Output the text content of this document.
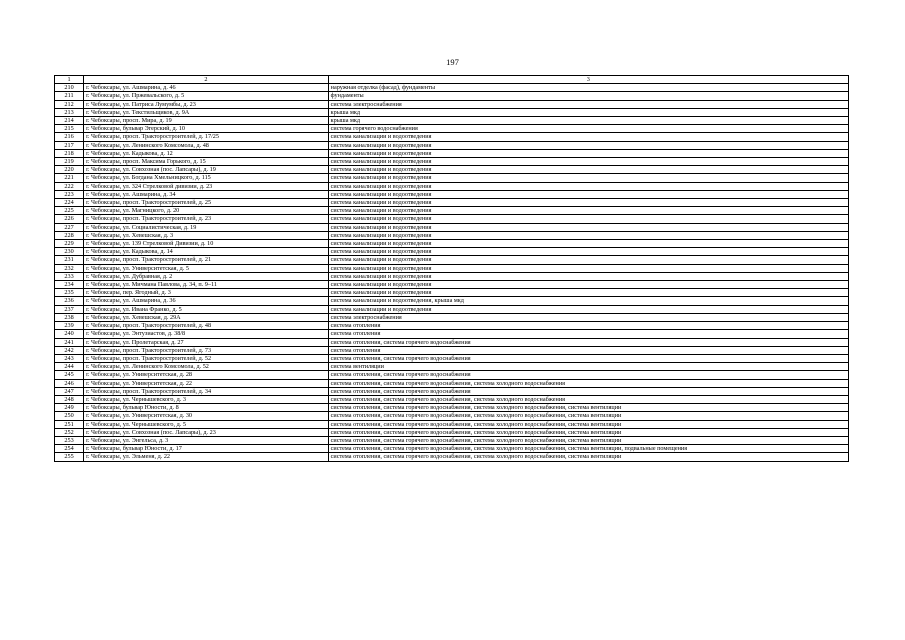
197
1	2	3
210	г. Чебоксары, ул. Ашмарина, д. 46	наружная отделка (фасад), фундаменты
211	г. Чебоксары, ул. Пржевальского, д. 5	фундаменты
212	г. Чебоксары, ул. Патриса Лумумбы, д. 23	система электроснабжения
213	г. Чебоксары, ул. Текстильщиков, д. 9А	крыша мкд
214	г. Чебоксары, просп. Мира, д. 19	крыша мкд
215	г. Чебоксары, бульвар Эгерский, д. 10	система горячего водоснабжения
216	г. Чебоксары, просп. Тракторостроителей, д. 17/25	система канализации и водоотведения
217	г. Чебоксары, ул. Ленинского Комсомола, д. 48	система канализации и водоотведения
218	г. Чебоксары, ул. Кадыкова, д. 12	система канализации и водоотведения
219	г. Чебоксары, просп. Максима Горького, д. 15	система канализации и водоотведения
220	г. Чебоксары, ул. Совхозная (пос. Лапсары), д. 19	система канализации и водоотведения
221	г. Чебоксары, ул. Богдана Хмельницкого, д. 115	система канализации и водоотведения
222	г. Чебоксары, ул. 324 Стрелковой дивизии, д. 23	система канализации и водоотведения
223	г. Чебоксары, ул. Ашмарина, д. 34	система канализации и водоотведения
224	г. Чебоксары, просп. Тракторостроителей, д. 25	система канализации и водоотведения
225	г. Чебоксары, ул. Магницкого, д. 20	система канализации и водоотведения
226	г. Чебоксары, просп. Тракторостроителей, д. 23	система канализации и водоотведения
227	г. Чебоксары, ул. Социалистическая, д. 19	система канализации и водоотведения
228	г. Чебоксары, ул. Хевешская, д. 3	система канализации и водоотведения
229	г. Чебоксары, ул. 139 Стрелковой Дивизии, д. 10	система канализации и водоотведения
230	г. Чебоксары, ул. Кадыкова, д. 14	система канализации и водоотведения
231	г. Чебоксары, просп. Тракторостроителей, д. 21	система канализации и водоотведения
232	г. Чебоксары, ул. Университетская, д. 5	система канализации и водоотведения
233	г. Чебоксары, ул. Дубравная, д. 2	система канализации и водоотведения
234	г. Чебоксары, ул. Мичмана Павлова, д. 34, п. 9–11	система канализации и водоотведения
235	г. Чебоксары, пер. Ягодный, д. 3	система канализации и водоотведения
236	г. Чебоксары, ул. Ашмарина, д. 36	система канализации и водоотведения, крыша мкд
237	г. Чебоксары, ул. Ивана Франко, д. 5	система канализации и водоотведения
238	г. Чебоксары, ул. Хевешская, д. 29А	система электроснабжения
239	г. Чебоксары, просп. Тракторостроителей, д. 48	система отопления
240	г. Чебоксары, ул. Энтузиастов, д. 38/8	система отопления
241	г. Чебоксары, ул. Пролетарская, д. 27	система отопления, система горячего водоснабжения
242	г. Чебоксары, просп. Тракторостроителей, д. 73	система отопления
243	г. Чебоксары, просп. Тракторостроителей, д. 52	система отопления, система горячего водоснабжения
244	г. Чебоксары, ул. Ленинского Комсомола, д. 52	система вентиляции
245	г. Чебоксары, ул. Университетская, д. 28	система отопления, система горячего водоснабжения
246	г. Чебоксары, ул. Университетская, д. 22	система отопления, система горячего водоснабжения, система холодного водоснабжения
247	г. Чебоксары, просп. Тракторостроителей, д. 34	система отопления, система горячего водоснабжения
248	г. Чебоксары, ул. Чернышевского, д. 3	система отопления, система горячего водоснабжения, система холодного водоснабжения
249	г. Чебоксары, бульвар Юности, д. 8	система отопления, система горячего водоснабжения, система холодного водоснабжения, система вентиляции
250	г. Чебоксары, ул. Университетская, д. 30	система отопления, система горячего водоснабжения, система холодного водоснабжения, система вентиляции
251	г. Чебоксары, ул. Чернышевского, д. 5	система отопления, система горячего водоснабжения, система холодного водоснабжения, система вентиляции
252	г. Чебоксары, ул. Совхозная (пос. Лапсары), д. 23	система отопления, система горячего водоснабжения, система холодного водоснабжения, система вентиляции
253	г. Чебоксары, ул. Энгельса, д. 3	система отопления, система горячего водоснабжения, система холодного водоснабжения, система вентиляции
254	г. Чебоксары, бульвар Юности, д. 17	система отопления, система горячего водоснабжения, система холодного водоснабжения, система вентиляции, подвальные помещения
255	г. Чебоксары, ул. Эльменя, д. 22	система отопления, система горячего водоснабжения, система холодного водоснабжения, система вентиляции
